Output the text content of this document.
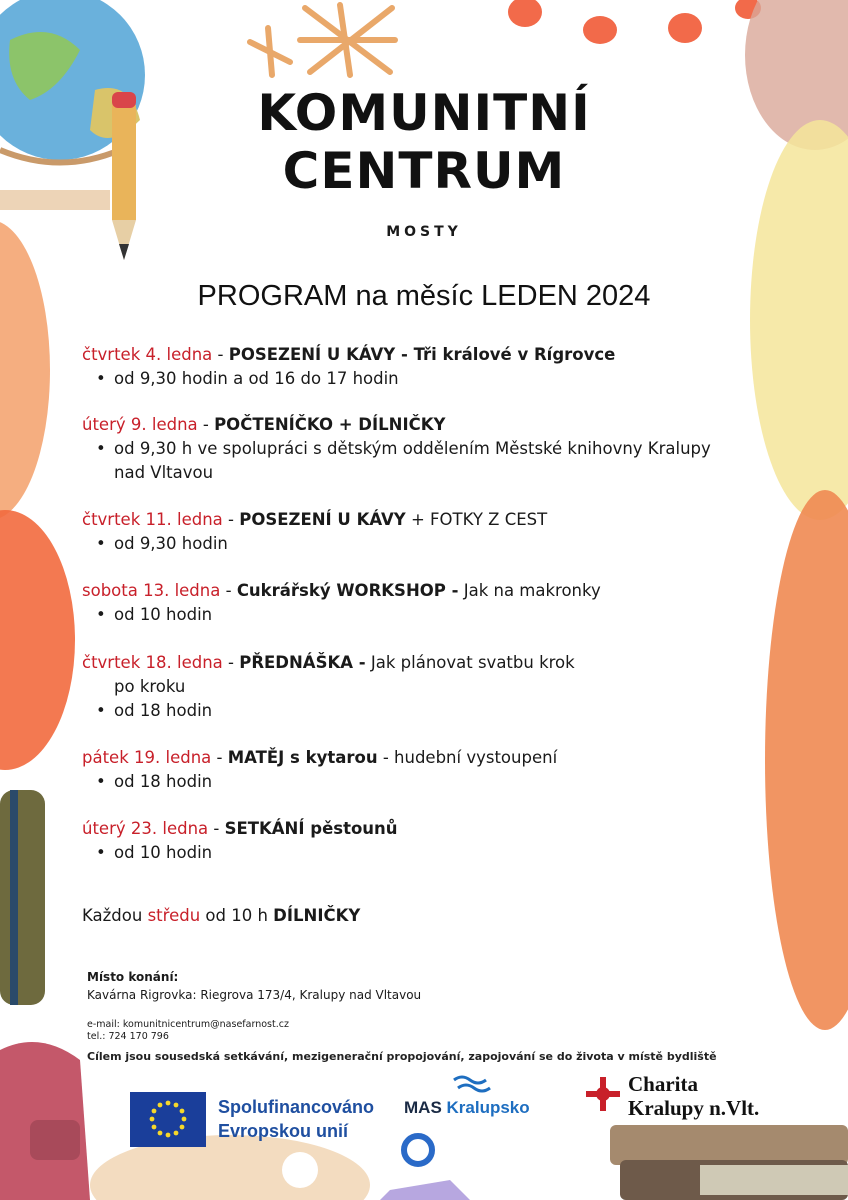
KOMUNITNÍ
CENTRUM
MOSTY
PROGRAM na měsíc LEDEN 2024
čtvrtek 4. ledna - POSEZENÍ U KÁVY - Tři králové v Rígrovce
• od 9,30 hodin a od 16 do 17 hodin
úterý 9. ledna - POČTENÍČKO + DÍLNIČKY
• od 9,30 h ve spolupráci s dětským oddělením Městské knihovny Kralupy
nad Vltavou
čtvrtek 11. ledna - POSEZENÍ U KÁVY + FOTKY Z CEST
• od 9,30 hodin
sobota 13. ledna - Cukrářský WORKSHOP - Jak na makronky
• od 10 hodin
čtvrtek 18. ledna - PŘEDNÁŠKA - Jak plánovat svatbu krok
po kroku
• od 18 hodin
pátek 19. ledna - MATĚJ s kytarou - hudební vystoupení
• od 18 hodin
úterý 23. ledna - SETKÁNÍ pěstounů
• od 10 hodin
Každou středu od 10 h DÍLNIČKY
Místo konání:
Kavárna Rigrovka: Riegrova 173/4, Kralupy nad Vltavou
e-mail: komunitnicentrum@nasefarnost.cz
tel.: 724 170 796
Cílem jsou sousedská setkávání, mezigenerační propojování, zapojování se do života v místě bydliště
Spolufinancováno
Evropskou unií
MAS Kralupsko
Charita
Kralupy n.Vlt.
